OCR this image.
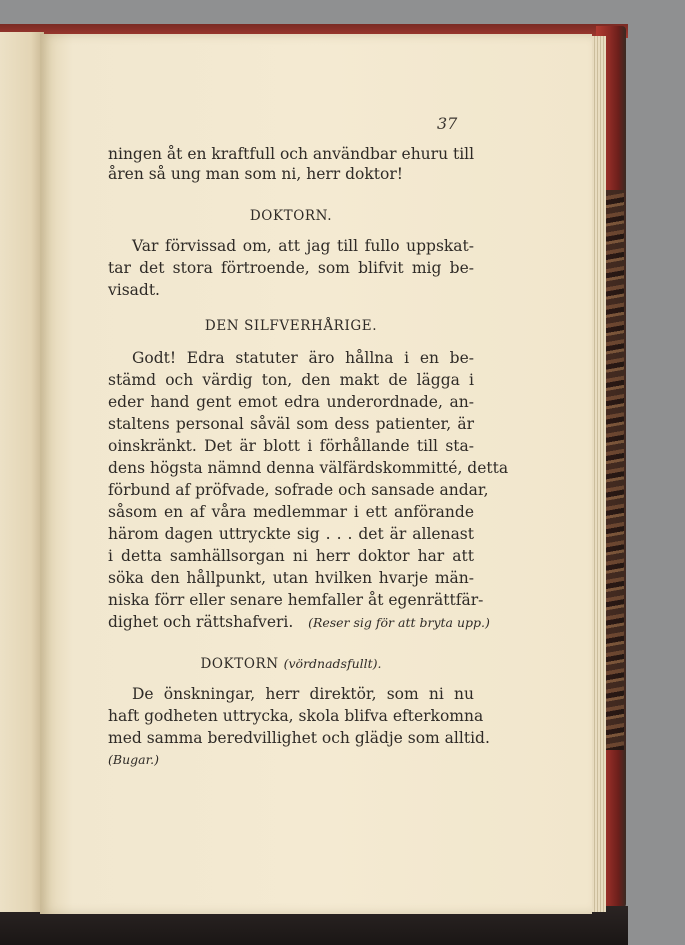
37
ningen åt en kraftfull och användbar ehuru till
åren så ung man som ni, herr doktor!
DOKTORN.
Var förvissad om, att jag till fullo uppskat-
tar det stora förtroende, som blifvit mig be-
visadt.
DEN SILFVERHÅRIGE.
Godt! Edra statuter äro hållna i en be-
stämd och värdig ton, den makt de lägga i
eder hand gent emot edra underordnade, an-
staltens personal såväl som dess patienter, är
oinskränkt. Det är blott i förhållande till sta-
dens högsta nämnd denna välfärdskommitté, detta
förbund af pröfvade, sofrade och sansade andar,
såsom en af våra medlemmar i ett anförande
härom dagen uttryckte sig . . . det är allenast
i detta samhällsorgan ni herr doktor har att
söka den hållpunkt, utan hvilken hvarje män-
niska förr eller senare hemfaller åt egenrättfär-
dighet och rättshafveri. (Reser sig för att bryta upp.)
DOKTORN (vördnadsfullt).
De önskningar, herr direktör, som ni nu
haft godheten uttrycka, skola blifva efterkomna
med samma beredvillighet och glädje som alltid.
(Bugar.)
